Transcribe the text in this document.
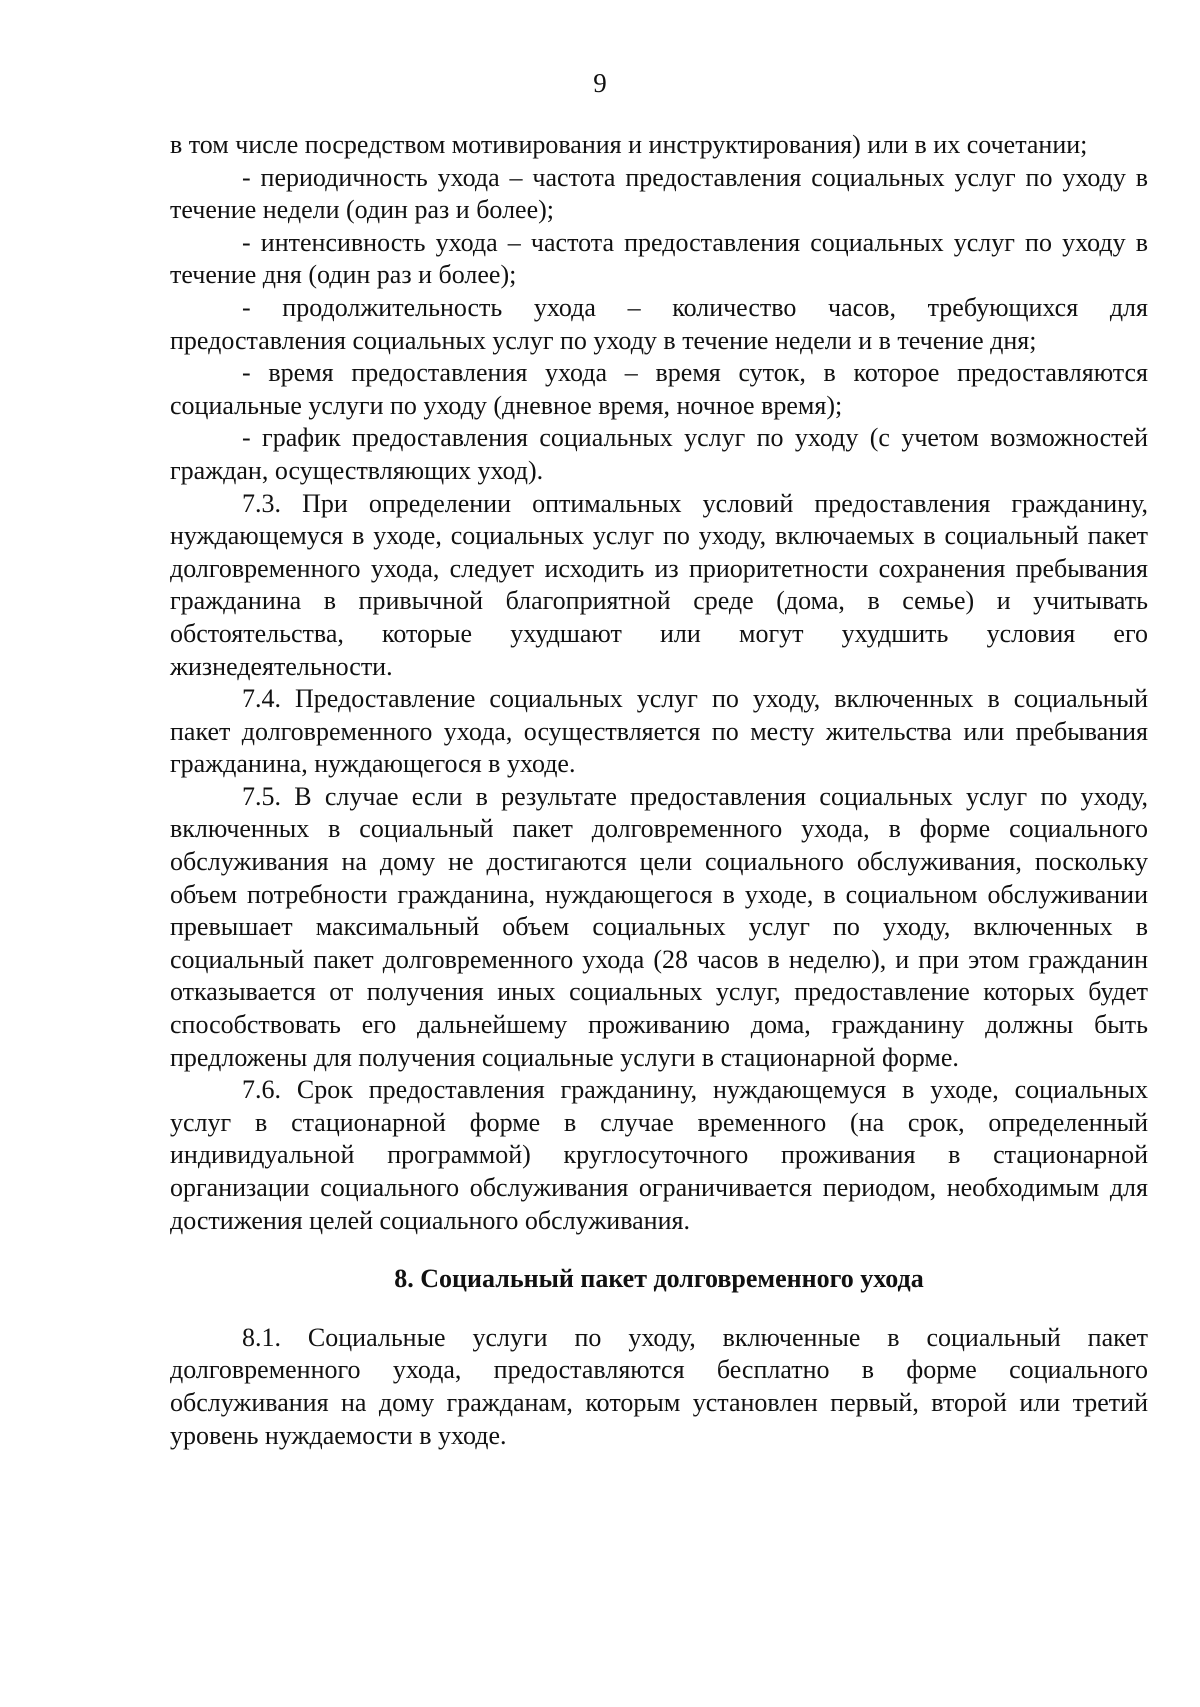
9

в том числе посредством мотивирования и инструктирования) или в их сочетании;

- периодичность ухода – частота предоставления социальных услуг по уходу в течение недели (один раз и более);

- интенсивность ухода – частота предоставления социальных услуг по уходу в течение дня (один раз и более);

- продолжительность ухода – количество часов, требующихся для предоставления социальных услуг по уходу в течение недели и в течение дня;

- время предоставления ухода – время суток, в которое предоставляются социальные услуги по уходу (дневное время, ночное время);

- график предоставления социальных услуг по уходу (с учетом возможностей граждан, осуществляющих уход).

7.3. При определении оптимальных условий предоставления гражданину, нуждающемуся в уходе, социальных услуг по уходу, включаемых в социальный пакет долговременного ухода, следует исходить из приоритетности сохранения пребывания гражданина в привычной благоприятной среде (дома, в семье) и учитывать обстоятельства, которые ухудшают или могут ухудшить условия его жизнедеятельности.

7.4. Предоставление социальных услуг по уходу, включенных в социальный пакет долговременного ухода, осуществляется по месту жительства или пребывания гражданина, нуждающегося в уходе.

7.5. В случае если в результате предоставления социальных услуг по уходу, включенных в социальный пакет долговременного ухода, в форме социального обслуживания на дому не достигаются цели социального обслуживания, поскольку объем потребности гражданина, нуждающегося в уходе, в социальном обслуживании превышает максимальный объем социальных услуг по уходу, включенных в социальный пакет долговременного ухода (28 часов в неделю), и при этом гражданин отказывается от получения иных социальных услуг, предоставление которых будет способствовать его дальнейшему проживанию дома, гражданину должны быть предложены для получения социальные услуги в стационарной форме.

7.6. Срок предоставления гражданину, нуждающемуся в уходе, социальных услуг в стационарной форме в случае временного (на срок, определенный индивидуальной программой) круглосуточного проживания в стационарной организации социального обслуживания ограничивается периодом, необходимым для достижения целей социального обслуживания.

8. Социальный пакет долговременного ухода

8.1. Социальные услуги по уходу, включенные в социальный пакет долговременного ухода, предоставляются бесплатно в форме социального обслуживания на дому гражданам, которым установлен первый, второй или третий уровень нуждаемости в уходе.
